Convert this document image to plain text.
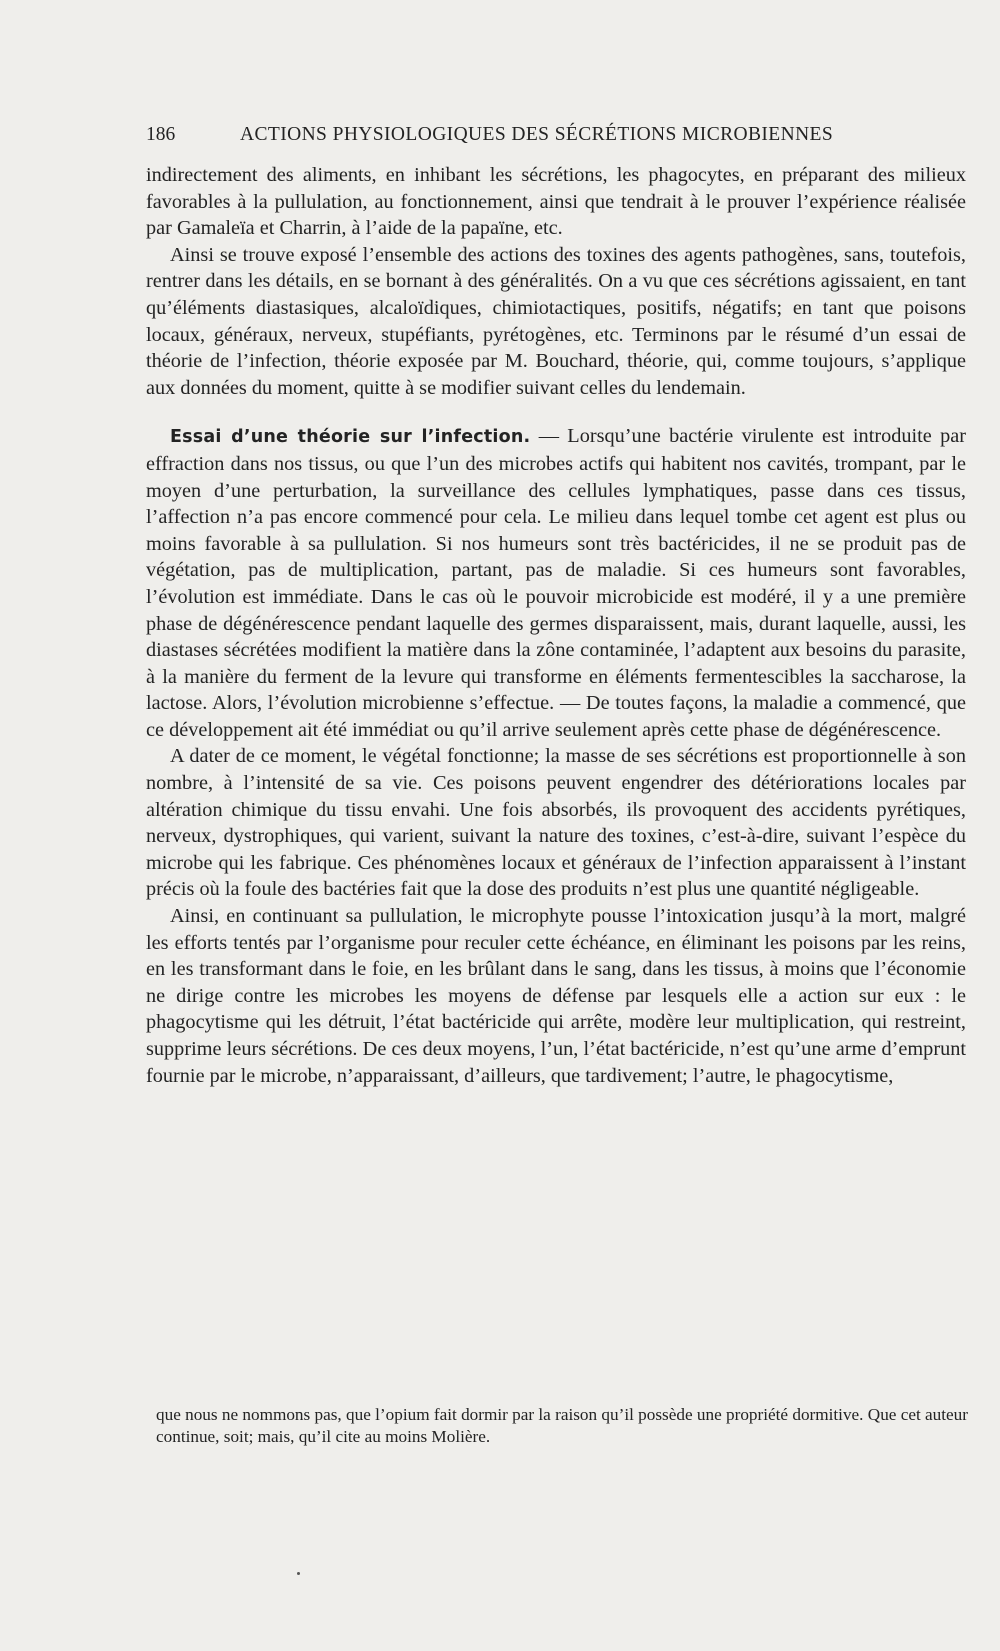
186	ACTIONS PHYSIOLOGIQUES DES SÉCRÉTIONS MICROBIENNES

indirectement des aliments, en inhibant les sécrétions, les phagocytes, en préparant des milieux favorables à la pullulation, au fonctionnement, ainsi que tendrait à le prouver l’expérience réalisée par Gamaleïa et Charrin, à l’aide de la papaïne, etc.

Ainsi se trouve exposé l’ensemble des actions des toxines des agents pathogènes, sans, toutefois, rentrer dans les détails, en se bornant à des généralités. On a vu que ces sécrétions agissaient, en tant qu’éléments diastasiques, alcaloïdiques, chimiotactiques, positifs, négatifs; en tant que poisons locaux, généraux, nerveux, stupéfiants, pyrétogènes, etc. Terminons par le résumé d’un essai de théorie de l’infection, théorie exposée par M. Bouchard, théorie, qui, comme toujours, s’applique aux données du moment, quitte à se modifier suivant celles du lendemain.

Essai d’une théorie sur l’infection. — Lorsqu’une bactérie virulente est introduite par effraction dans nos tissus, ou que l’un des microbes actifs qui habitent nos cavités, trompant, par le moyen d’une perturbation, la surveillance des cellules lymphatiques, passe dans ces tissus, l’affection n’a pas encore commencé pour cela. Le milieu dans lequel tombe cet agent est plus ou moins favorable à sa pullulation. Si nos humeurs sont très bactéricides, il ne se produit pas de végétation, pas de multiplication, partant, pas de maladie. Si ces humeurs sont favorables, l’évolution est immédiate. Dans le cas où le pouvoir microbicide est modéré, il y a une première phase de dégénérescence pendant laquelle des germes disparaissent, mais, durant laquelle, aussi, les diastases sécrétées modifient la matière dans la zône contaminée, l’adaptent aux besoins du parasite, à la manière du ferment de la levure qui transforme en éléments fermentescibles la saccharose, la lactose. Alors, l’évolution microbienne s’effectue. — De toutes façons, la maladie a commencé, que ce développement ait été immédiat ou qu’il arrive seulement après cette phase de dégénérescence.

A dater de ce moment, le végétal fonctionne; la masse de ses sécrétions est proportionnelle à son nombre, à l’intensité de sa vie. Ces poisons peuvent engendrer des détériorations locales par altération chimique du tissu envahi. Une fois absorbés, ils provoquent des accidents pyrétiques, nerveux, dystrophiques, qui varient, suivant la nature des toxines, c’est-à-dire, suivant l’espèce du microbe qui les fabrique. Ces phénomènes locaux et généraux de l’infection apparaissent à l’instant précis où la foule des bactéries fait que la dose des produits n’est plus une quantité négligeable.

Ainsi, en continuant sa pullulation, le microphyte pousse l’intoxication jusqu’à la mort, malgré les efforts tentés par l’organisme pour reculer cette échéance, en éliminant les poisons par les reins, en les transformant dans le foie, en les brûlant dans le sang, dans les tissus, à moins que l’économie ne dirige contre les microbes les moyens de défense par lesquels elle a action sur eux : le phagocytisme qui les détruit, l’état bactéricide qui arrête, modère leur multiplication, qui restreint, supprime leurs sécrétions. De ces deux moyens, l’un, l’état bactéricide, n’est qu’une arme d’emprunt fournie par le microbe, n’apparaissant, d’ailleurs, que tardivement; l’autre, le phagocytisme,

que nous ne nommons pas, que l’opium fait dormir par la raison qu’il possède une propriété dormitive. Que cet auteur continue, soit; mais, qu’il cite au moins Molière.
